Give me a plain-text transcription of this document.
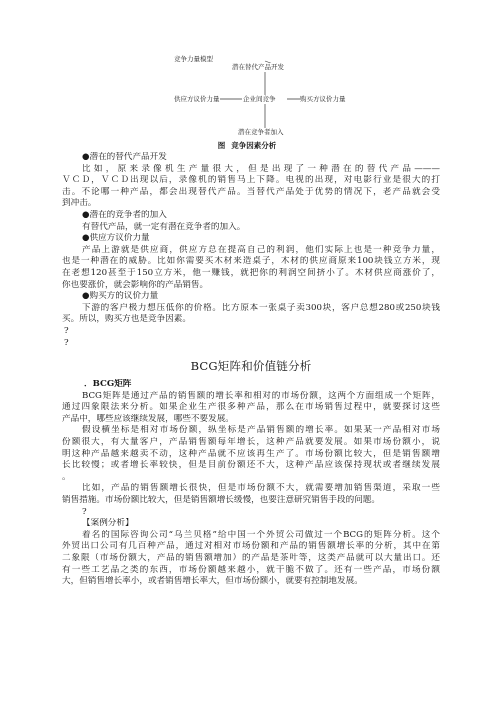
竞争力量模型
潜在替代产品开发
供应方议价力量	企业间竞争	购买方议价力量
潜在竞争者加入
图 竞争因素分析
●潜在的替代产品开发
比如，原来录像机生产量很大，但是出现了一种潜在的替代产品———
ＶＣＤ，ＶＣＤ出现以后，录像机的销售马上下降。电视的出现，对电影行业是很大的打
击。不论哪一种产品，都会出现替代产品。当替代产品处于优势的情况下，老产品就会受
到冲击。
●潜在的竞争者的加入
有替代产品，就一定有潜在竞争者的加入。
●供应方议价力量
产品上游就是供应商，供应方总在提高自己的利润，他们实际上也是一种竞争力量，
也是一种潜在的威胁。比如你需要买木材来造桌子，木材的供应商原来100块钱立方米，现
在老想120甚至于150立方米，他一赚钱，就把你的利润空间挤小了。木材供应商涨价了，
你也要涨价，就会影响你的产品销售。
●购买方的议价力量
下游的客户极力想压低你的价格。比方原本一张桌子卖300块，客户总想280或250块钱
买。所以，购买方也是竞争因素。
?
?
BCG矩阵和价值链分析
．BCG矩阵
BCG矩阵是通过产品的销售额的增长率和相对的市场份额，这两个方面组成一个矩阵，
通过四象限法来分析。如果企业生产很多种产品，那么在市场销售过程中，就要探讨这些
产品中，哪些应该继续发展，哪些不要发展。
假设横坐标是相对市场份额，纵坐标是产品销售额的增长率。如果某一产品相对市场
份额很大，有大量客户，产品销售额每年增长，这种产品就要发展。如果市场份额小，说
明这种产品越来越卖不动，这种产品就不应该再生产了。市场份额比较大，但是销售额增
长比较慢；或者增长率较快，但是目前份额还不大，这种产品应该保持现状或者继续发展
。
比如，产品的销售额增长很快，但是市场份额不大，就需要增加销售渠道，采取一些
销售措施。市场份额比较大，但是销售额增长缓慢，也要注意研究销售手段的问题。
?
【案例分析】
着名的国际咨询公司“乌兰贝格”给中国一个外贸公司做过一个BCG的矩阵分析。这个
外贸出口公司有几百种产品，通过对相对市场份额和产品的销售额增长率的分析，其中在第
二象限（市场份额大，产品的销售额增加）的产品是茶叶等，这类产品就可以大量出口。还
有一些工艺品之类的东西，市场份额越来越小，就干脆不做了。还有一些产品，市场份额
大，但销售增长率小，或者销售增长率大，但市场份额小，就要有控制地发展。
